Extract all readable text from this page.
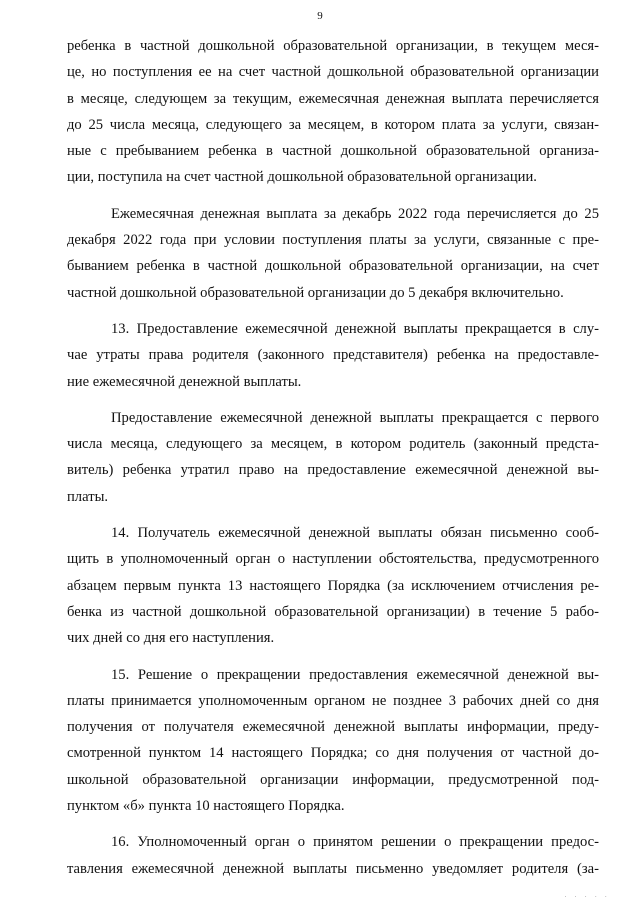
9
ребенка в частной дошкольной образовательной организации, в текущем меся-
це, но поступления ее на счет частной дошкольной образовательной организации
в месяце, следующем за текущим, ежемесячная денежная выплата перечисляется
до 25 числа месяца, следующего за месяцем, в котором плата за услуги, связан-
ные с пребыванием ребенка в частной дошкольной образовательной организа-
ции, поступила на счет частной дошкольной образовательной организации.
Ежемесячная денежная выплата за декабрь 2022 года перечисляется до 25
декабря 2022 года при условии поступления платы за услуги, связанные с пре-
быванием ребенка в частной дошкольной образовательной организации, на счет
частной дошкольной образовательной организации до 5 декабря включительно.
13. Предоставление ежемесячной денежной выплаты прекращается в слу-
чае утраты права родителя (законного представителя) ребенка на предоставле-
ние ежемесячной денежной выплаты.
Предоставление ежемесячной денежной выплаты прекращается с первого
числа месяца, следующего за месяцем, в котором родитель (законный предста-
витель) ребенка утратил право на предоставление ежемесячной денежной вы-
платы.
14. Получатель ежемесячной денежной выплаты обязан письменно сооб-
щить в уполномоченный орган о наступлении обстоятельства, предусмотренного
абзацем первым пункта 13 настоящего Порядка (за исключением отчисления ре-
бенка из частной дошкольной образовательной организации) в течение 5 рабо-
чих дней со дня его наступления.
15. Решение о прекращении предоставления ежемесячной денежной вы-
платы принимается уполномоченным органом не позднее 3 рабочих дней со дня
получения от получателя ежемесячной денежной выплаты информации, преду-
смотренной пунктом 14 настоящего Порядка; со дня получения от частной до-
школьной образовательной организации информации, предусмотренной под-
пунктом «б» пункта 10 настоящего Порядка.
16. Уполномоченный орган о принятом решении о прекращении предос-
тавления ежемесячной денежной выплаты письменно уведомляет родителя (за-
· · · · ·
